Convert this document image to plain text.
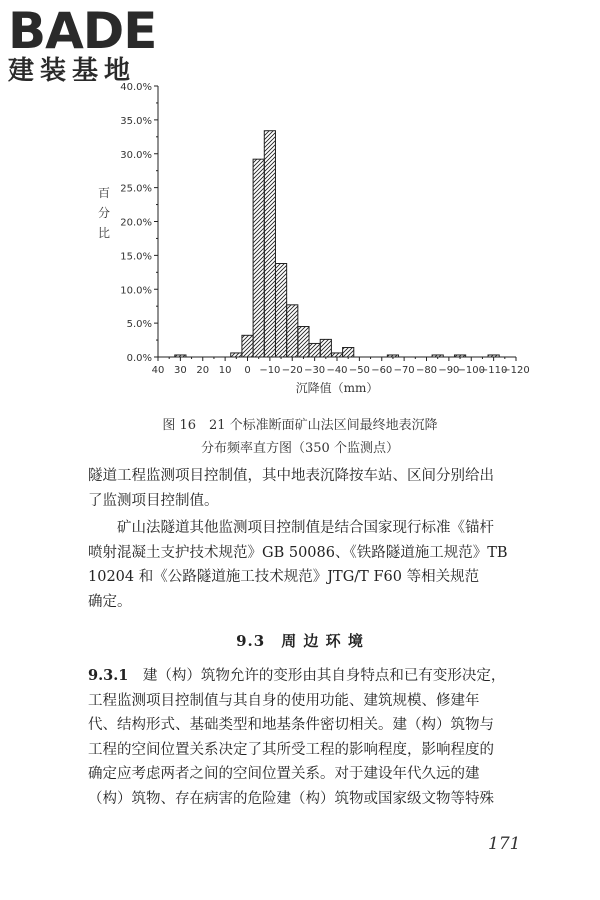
BADE
建装基地
0.0%
5.0%
10.0%
15.0%
20.0%
25.0%
30.0%
35.0%
40.0%
40 30 20 10 0 −10 −20 −30 −40 −50 −60 −70 −80 −90
−100
−110
−120
沉降值（mm）
百分比
图 16　21 个标准断面矿山法区间最终地表沉降
分布频率直方图（350 个监测点）

隧道工程监测项目控制值，其中地表沉降按车站、区间分别给出
了监测项目控制值。

　　矿山法隧道其他监测项目控制值是结合国家现行标准《锚杆
喷射混凝土支护技术规范》GB 50086、《铁路隧道施工规范》TB
10204 和《公路隧道施工技术规范》JTG/T F60 等相关规范
确定。

9.3　周 边 环 境

9.3.1　建（构）筑物允许的变形由其自身特点和已有变形决定，
工程监测项目控制值与其自身的使用功能、建筑规模、修建年
代、结构形式、基础类型和地基条件密切相关。建（构）筑物与
工程的空间位置关系决定了其所受工程的影响程度，影响程度的
确定应考虑两者之间的空间位置关系。对于建设年代久远的建
（构）筑物、存在病害的危险建（构）筑物或国家级文物等特殊

171
